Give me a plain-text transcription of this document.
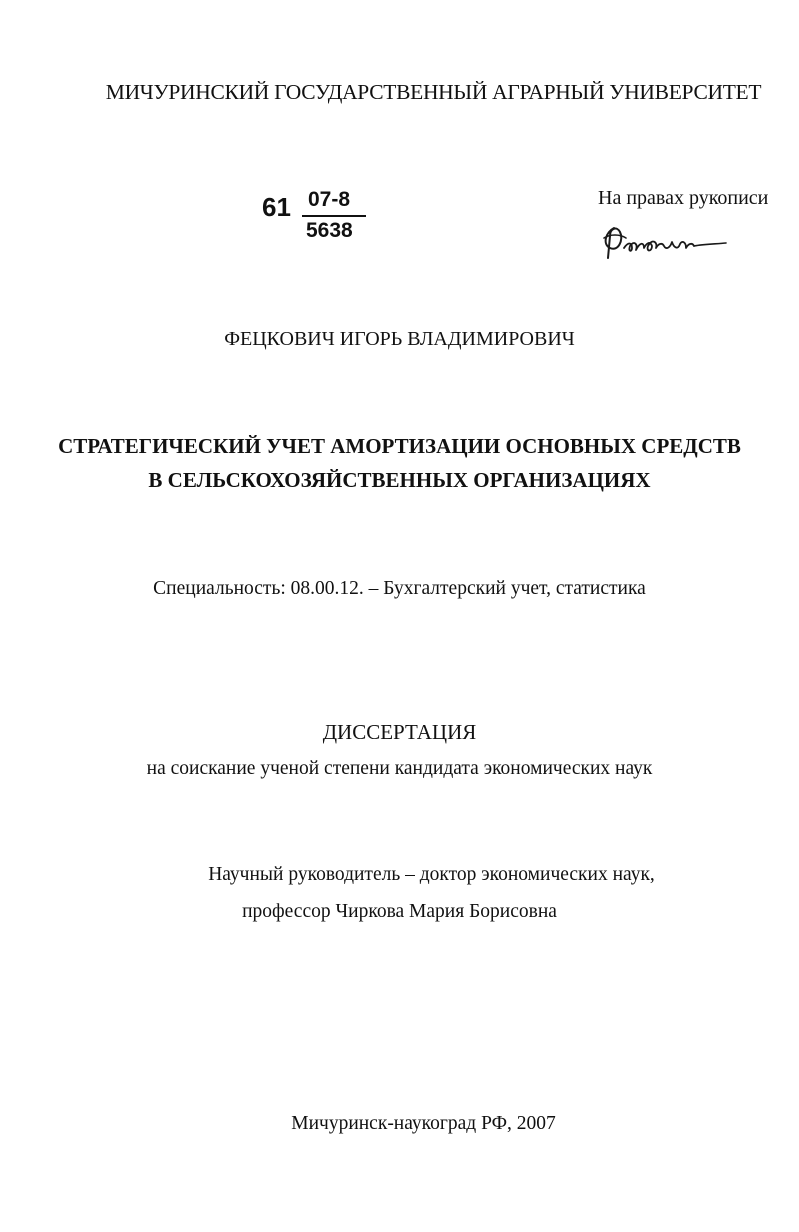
МИЧУРИНСКИЙ ГОСУДАРСТВЕННЫЙ АГРАРНЫЙ УНИВЕРСИТЕТ
61 07-8
5638
На правах рукописи
ФЕЦКОВИЧ ИГОРЬ ВЛАДИМИРОВИЧ
СТРАТЕГИЧЕСКИЙ УЧЕТ АМОРТИЗАЦИИ ОСНОВНЫХ СРЕДСТВ
В СЕЛЬСКОХОЗЯЙСТВЕННЫХ ОРГАНИЗАЦИЯХ
Специальность: 08.00.12. – Бухгалтерский учет, статистика
ДИССЕРТАЦИЯ
на соискание ученой степени кандидата экономических наук
Научный руководитель – доктор экономических наук,
профессор Чиркова Мария Борисовна
Мичуринск-наукоград РФ, 2007
